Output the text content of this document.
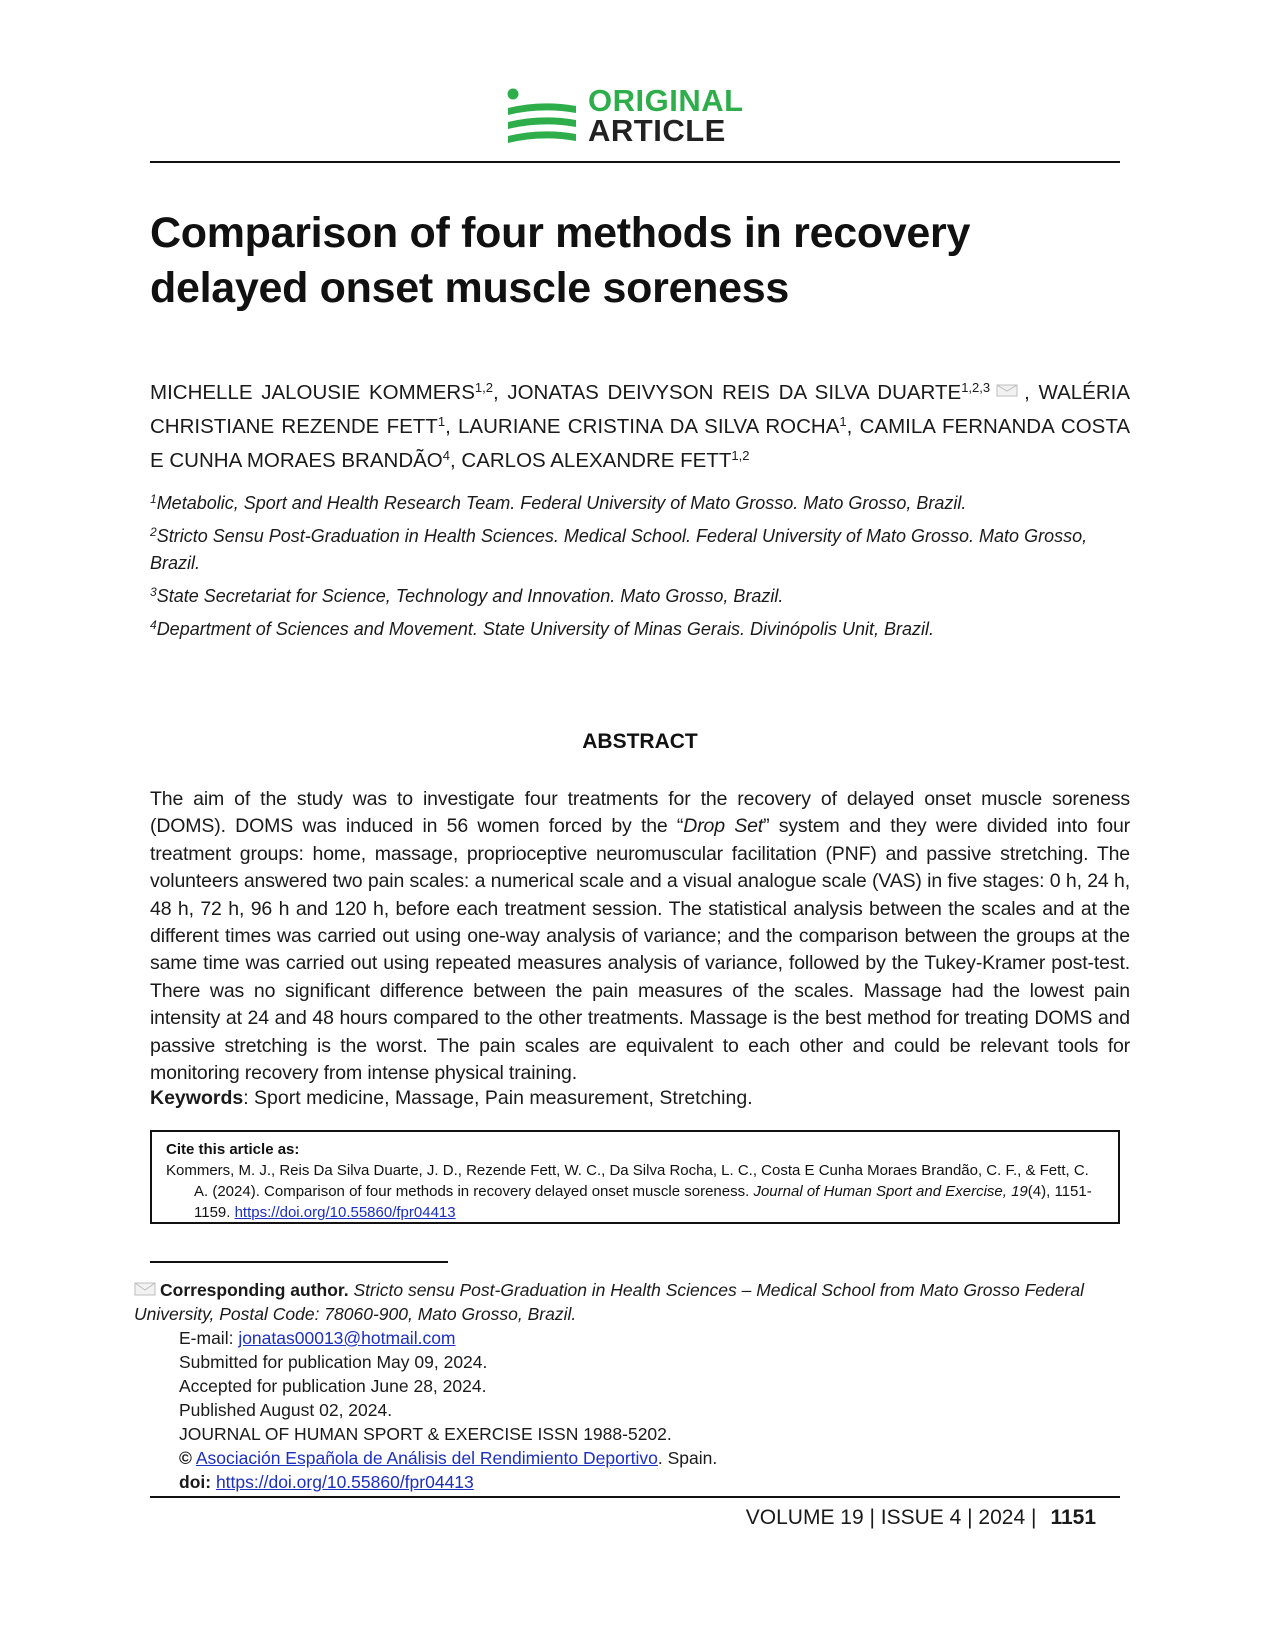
ORIGINAL
ARTICLE
Comparison of four methods in recovery delayed onset muscle soreness
MICHELLE JALOUSIE KOMMERS$^{1,2}$, JONATAS DEIVYSON REIS DA SILVA DUARTE$^{1,2,3}$ , WALÉRIA CHRISTIANE REZENDE FETT$^1$, LAURIANE CRISTINA DA SILVA ROCHA$^1$, CAMILA FERNANDA COSTA E CUNHA MORAES BRANDÃO$^4$, CARLOS ALEXANDRE FETT$^{1,2}$
$^1$Metabolic, Sport and Health Research Team. Federal University of Mato Grosso. Mato Grosso, Brazil.
$^2$Stricto Sensu Post-Graduation in Health Sciences. Medical School. Federal University of Mato Grosso. Mato Grosso, Brazil.
$^3$State Secretariat for Science, Technology and Innovation. Mato Grosso, Brazil.
$^4$Department of Sciences and Movement. State University of Minas Gerais. Divinópolis Unit, Brazil.
ABSTRACT
The aim of the study was to investigate four treatments for the recovery of delayed onset muscle soreness (DOMS). DOMS was induced in 56 women forced by the “Drop Set” system and they were divided into four treatment groups: home, massage, proprioceptive neuromuscular facilitation (PNF) and passive stretching. The volunteers answered two pain scales: a numerical scale and a visual analogue scale (VAS) in five stages: 0 h, 24 h, 48 h, 72 h, 96 h and 120 h, before each treatment session. The statistical analysis between the scales and at the different times was carried out using one-way analysis of variance; and the comparison between the groups at the same time was carried out using repeated measures analysis of variance, followed by the Tukey-Kramer post-test. There was no significant difference between the pain measures of the scales. Massage had the lowest pain intensity at 24 and 48 hours compared to the other treatments. Massage is the best method for treating DOMS and passive stretching is the worst. The pain scales are equivalent to each other and could be relevant tools for monitoring recovery from intense physical training.
Keywords: Sport medicine, Massage, Pain measurement, Stretching.
Cite this article as:
Kommers, M. J., Reis Da Silva Duarte, J. D., Rezende Fett, W. C., Da Silva Rocha, L. C., Costa E Cunha Moraes Brandão, C. F., & Fett, C. A. (2024). Comparison of four methods in recovery delayed onset muscle soreness. Journal of Human Sport and Exercise, 19(4), 1151-1159. https://doi.org/10.55860/fpr04413
Corresponding author. Stricto sensu Post-Graduation in Health Sciences – Medical School from Mato Grosso Federal University, Postal Code: 78060-900, Mato Grosso, Brazil.
E-mail: jonatas00013@hotmail.com
Submitted for publication May 09, 2024.
Accepted for publication June 28, 2024.
Published August 02, 2024.
JOURNAL OF HUMAN SPORT & EXERCISE ISSN 1988-5202.
© Asociación Española de Análisis del Rendimiento Deportivo. Spain.
doi: https://doi.org/10.55860/fpr04413
VOLUME 19 | ISSUE 4 | 2024 | 1151
